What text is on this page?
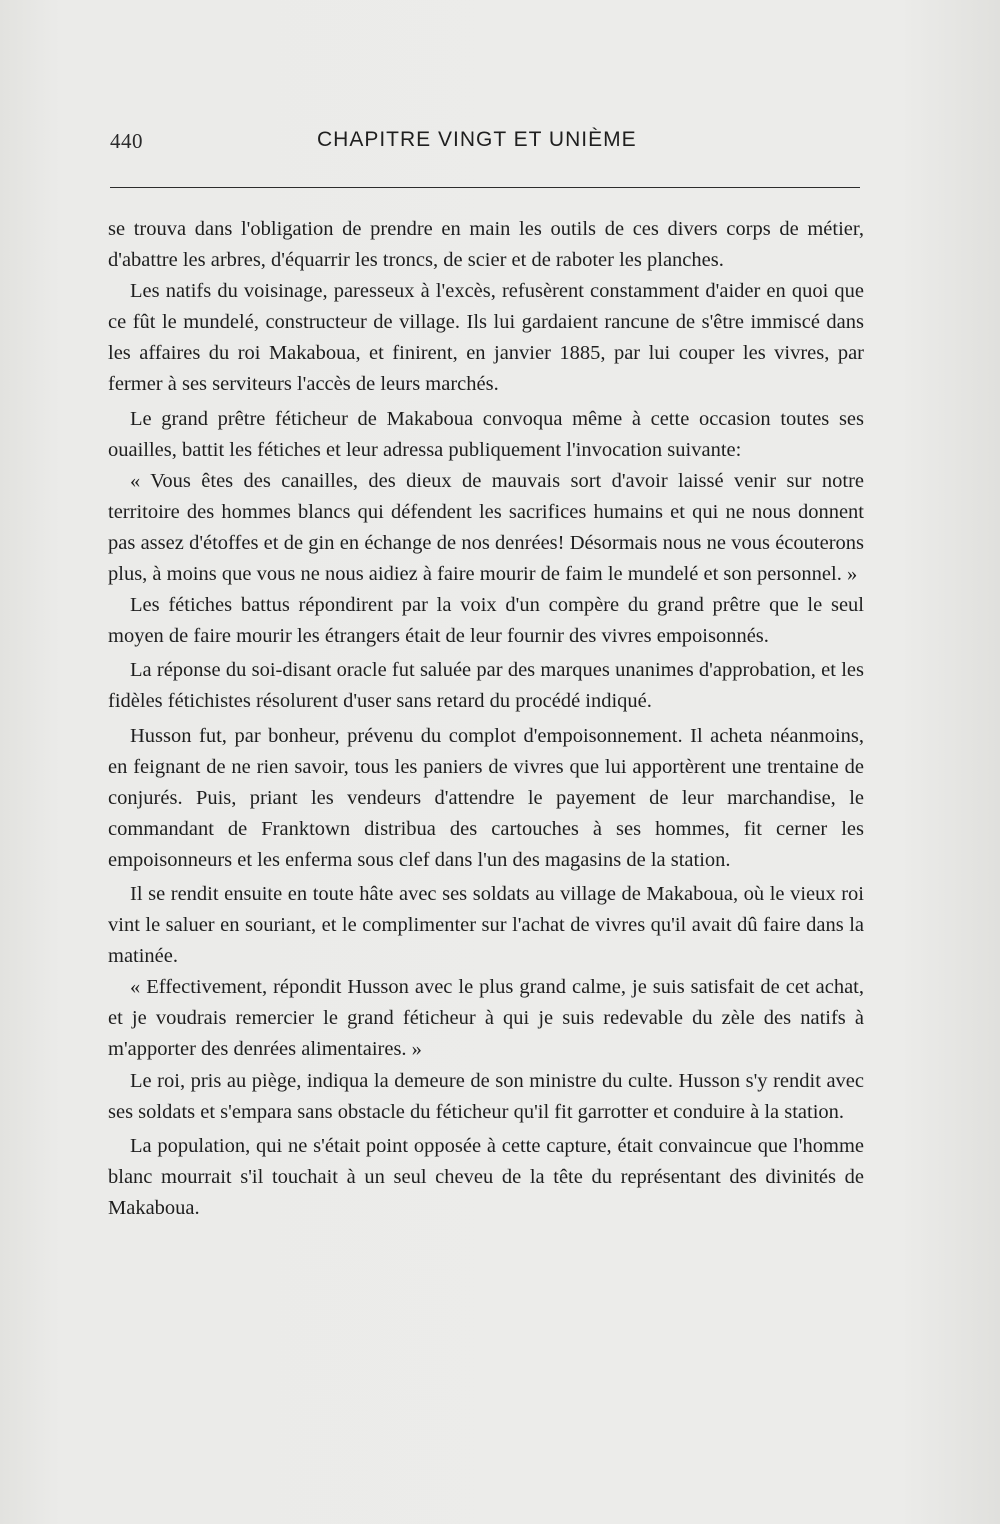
440	CHAPITRE VINGT ET UNIÈME

se trouva dans l'obligation de prendre en main les outils de ces divers corps de métier, d'abattre les arbres, d'équarrir les troncs, de scier et de raboter les planches.

Les natifs du voisinage, paresseux à l'excès, refusèrent constamment d'aider en quoi que ce fût le mundelé, constructeur de village. Ils lui gardaient rancune de s'être immiscé dans les affaires du roi Makaboua, et finirent, en janvier 1885, par lui couper les vivres, par fermer à ses serviteurs l'accès de leurs marchés.

Le grand prêtre féticheur de Makaboua convoqua même à cette occasion toutes ses ouailles, battit les fétiches et leur adressa publiquement l'invocation suivante:

« Vous êtes des canailles, des dieux de mauvais sort d'avoir laissé venir sur notre territoire des hommes blancs qui défendent les sacrifices humains et qui ne nous donnent pas assez d'étoffes et de gin en échange de nos denrées! Désormais nous ne vous écouterons plus, à moins que vous ne nous aidiez à faire mourir de faim le mundelé et son personnel. »

Les fétiches battus répondirent par la voix d'un compère du grand prêtre que le seul moyen de faire mourir les étrangers était de leur fournir des vivres empoisonnés.

La réponse du soi-disant oracle fut saluée par des marques unanimes d'approbation, et les fidèles fétichistes résolurent d'user sans retard du procédé indiqué.

Husson fut, par bonheur, prévenu du complot d'empoisonnement. Il acheta néanmoins, en feignant de ne rien savoir, tous les paniers de vivres que lui apportèrent une trentaine de conjurés. Puis, priant les vendeurs d'attendre le payement de leur marchandise, le commandant de Franktown distribua des cartouches à ses hommes, fit cerner les empoisonneurs et les enferma sous clef dans l'un des magasins de la station.

Il se rendit ensuite en toute hâte avec ses soldats au village de Makaboua, où le vieux roi vint le saluer en souriant, et le complimenter sur l'achat de vivres qu'il avait dû faire dans la matinée.

« Effectivement, répondit Husson avec le plus grand calme, je suis satisfait de cet achat, et je voudrais remercier le grand féticheur à qui je suis redevable du zèle des natifs à m'apporter des denrées alimentaires. »

Le roi, pris au piège, indiqua la demeure de son ministre du culte. Husson s'y rendit avec ses soldats et s'empara sans obstacle du féticheur qu'il fit garrotter et conduire à la station.

La population, qui ne s'était point opposée à cette capture, était convaincue que l'homme blanc mourrait s'il touchait à un seul cheveu de la tête du représentant des divinités de Makaboua.
